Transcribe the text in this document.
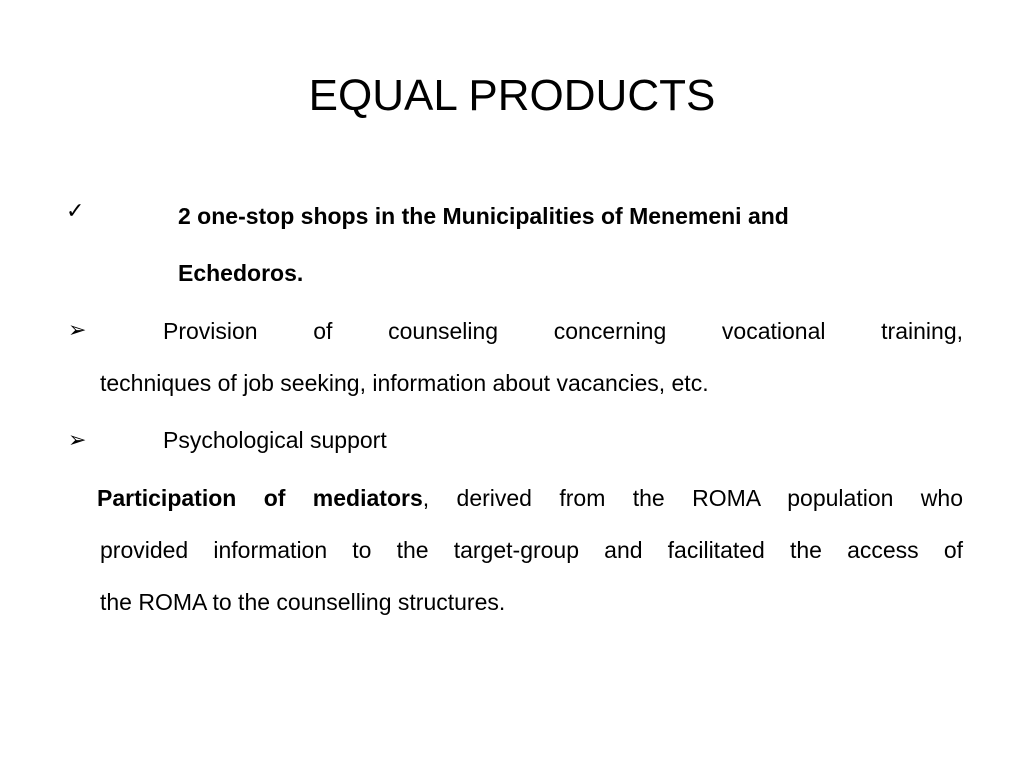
EQUAL PRODUCTS
✓	2 one-stop shops in the Municipalities of Menemeni and
Echedoros.
➢	Provision of counseling concerning vocational training,
techniques of job seeking, information about vacancies, etc.
➢	Psychological support
Participation of mediators, derived from the ROMA population who
provided information to the target-group and facilitated the access of
the ROMA to the counselling structures.
